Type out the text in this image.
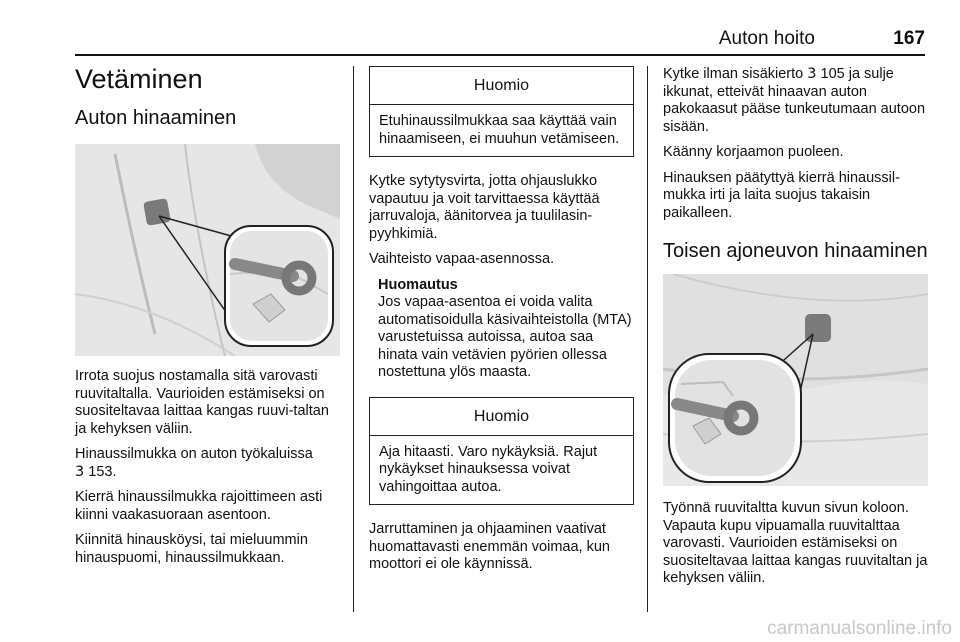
Auton hoito	167
Vetäminen
Auton hinaaminen

Irrota suojus nostamalla sitä varovasti ruuvitaltalla. Vaurioiden estämiseksi on suositeltavaa laittaa kangas ruuvi-taltan ja kehyksen väliin.

Hinaussilmukka on auton työkaluissa
3 153.

Kierrä hinaussilmukka rajoittimeen asti kiinni vaakasuoraan asentoon.

Kiinnitä hinausköysi, tai mieluummin hinauspuomi, hinaussilmukkaan.

Huomio
Etuhinaussilmukkaa saa käyttää vain hinaamiseen, ei muuhun vetämiseen.

Kytke sytytysvirta, jotta ohjauslukko vapautuu ja voit tarvittaessa käyttää jarruvaloja, äänitorvea ja tuulilasin-pyyhkimiä.

Vaihteisto vapaa-asennossa.

Huomautus
Jos vapaa-asentoa ei voida valita automatisoidulla käsivaihteistolla (MTA) varustetuissa autoissa, autoa saa hinata vain vetävien pyörien ollessa nostettuna ylös maasta.
Huomio
Aja hitaasti. Varo nykäyksiä. Rajut nykäykset hinauksessa voivat vahingoittaa autoa.

Jarruttaminen ja ohjaaminen vaativat huomattavasti enemmän voimaa, kun moottori ei ole käynnissä.

Kytke ilman sisäkierto 3 105 ja sulje ikkunat, etteivät hinaavan auton pakokaasut pääse tunkeutumaan autoon sisään.

Käänny korjaamon puoleen.

Hinauksen päätyttyä kierrä hinaussil-mukka irti ja laita suojus takaisin paikalleen.

Toisen ajoneuvon hinaaminen

Työnnä ruuvitaltta kuvun sivun koloon. Vapauta kupu vipuamalla ruuvitalttaa varovasti. Vaurioiden estämiseksi on suositeltavaa laittaa kangas ruuvitaltan ja kehyksen väliin.

carmanualsonline.info
